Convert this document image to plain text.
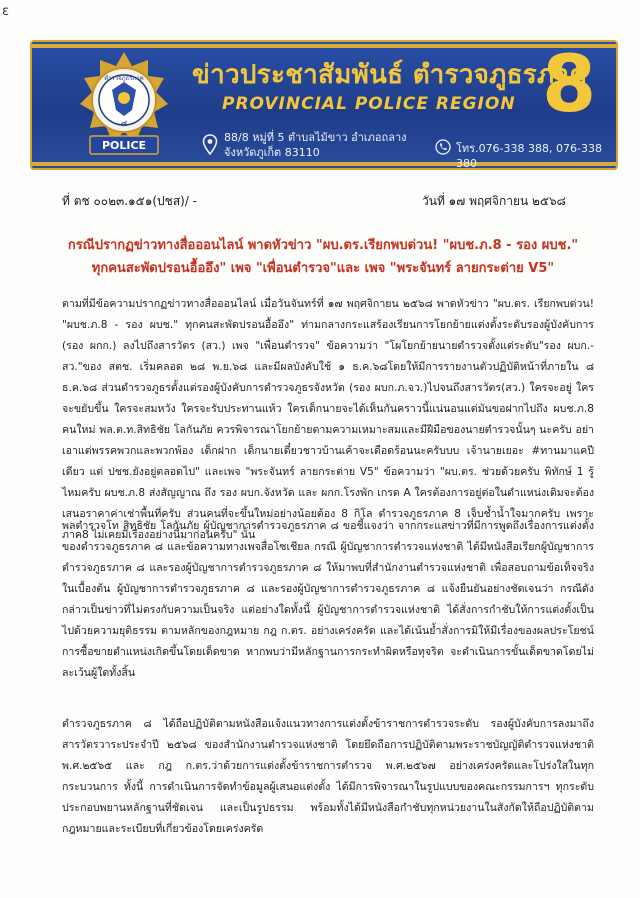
ε
ตำรวจภูธรภาค
๘
POLICE
ข่าวประชาสัมพันธ์ ตำรวจภูธรภาค
PROVINCIAL POLICE REGION 8
88/8 หมู่ที่ 5 ตำบลไม้ขาว อำเภอถลาง
จังหวัดภูเก็ต 83110	โทร.076-338 388, 076-338 380
ที่ ตช ๐๐๒๓.๑๕๑(ปชส)/ -	วันที่ ๑๗ พฤศจิกายน ๒๕๖๘
กรณีปรากฏข่าวทางสื่อออนไลน์ พาดหัวข่าว "ผบ.ตร.เรียกพบด่วน! "ผบช.ภ.8 - รอง ผบช."
ทุกคนสะพัดปรอนอื้ออึง" เพจ "เพื่อนตำรวจ"และ เพจ "พระจันทร์ ลายกระต่าย V5"

ตามที่มีข้อความปรากฏข่าวทางสื่อออนไลน์ เมื่อวันจันทร์ที่ ๑๗ พฤศจิกายน ๒๕๖๘ พาดหัวข่าว "ผบ.ตร. เรียกพบด่วน! "ผบช.ภ.8 - รอง ผบช." ทุกคนสะพัดปรอนอื้ออึง" ท่ามกลางกระแสร้องเรียนการโยกย้ายแต่งตั้งระดับรองผู้บังคับการ (รอง ผกก.) ลงไปถึงสารวัตร (สว.) เพจ "เพื่อนตำรวจ" ข้อความว่า "โผโยกย้ายนายตำรวจตั้งแต่ระดับ"รอง ผบก.-สว."ของ สตช. เริ่มคลอด ๒๘ พ.ย.๖๘ และมีผลบังคับใช้ ๑ ธ.ค.๖๘โดยให้มีการรายงานตัวปฏิบัติหน้าที่ภายใน ๘ ธ.ค.๖๘ ส่วนตำรวจภูธรตั้งแต่รองผู้บังคับการตำรวจภูธรจังหวัด (รอง ผบก.ภ.จว.)ไปจนถึงสารวัตร(สว.) ใครจะอยู่ ใครจะขยับขึ้น ใครจะสมหวัง ใครจะรับประทานแห้ว ใครเด็กนายจะได้เห็นกันคราวนี้แน่นอนแต่มันขอฝากไปถึง ผบช.ภ.8 คนใหม่ พล.ต.ท.สิทธิชัย โลกันภัย ควรพิจารณาโยกย้ายตามความเหมาะสมและมีฝีมือของนายตำรวจนั้นๆ นะครับ อย่าเอาแต่พรรคพวกและพวกพ้อง เด็กฝาก เด็กนายเดี๋ยวชาวบ้านเค้าจะเดือดร้อนนะครับบบ เจ้านายเยอะ #ทานมาแคปีเดียว แต่ ปชช.ยังอยู่ตลอดไป" และเพจ "พระจันทร์ ลายกระต่าย V5" ข้อความว่า "ผบ.ตร. ช่วยด้วยครับ พิทักษ์ 1 รู้ไหมครับ ผบช.ภ.8 ส่งสัญญาณ ถึง รอง ผบก.จังหวัด และ ผกก.โรงพัก เกรด A ใครต้องการอยู่ต่อในตำแหน่งเดิมจะต้องเสนอราคาค่าเช่าพื้นที่ครับ ส่วนคนที่จะขึ้นใหม่อย่างน้อยต้อง 8 กิโล ตำรวจภูธรภาค 8 เจ็บช้ำน้ำใจมากครับ เพราะภาค8 ไม่เคยมีเรื่องอย่างนี้มาก่อนครับ" นั้น

พลตำรวจโท สิทธิชัย โลกันภัย ผู้บัญชาการตำรวจภูธรภาค ๘ ขอชี้แจงว่า จากกระแสข่าวที่มีการพูดถึงเรื่องการแต่งตั้งของตำรวจภูธรภาค ๘ และข้อความทางเพจสื่อโซเชียล กรณี ผู้บัญชาการตำรวจแห่งชาติ ได้มีหนังสือเรียกผู้บัญชาการตำรวจภูธรภาค ๘ และรองผู้บัญชาการตำรวจภูธรภาค ๘ ให้มาพบที่สำนักงานตำรวจแห่งชาติ เพื่อสอบถามข้อเท็จจริงในเบื้องต้น ผู้บัญชาการตำรวจภูธรภาค ๘ และรองผู้บัญชาการตำรวจภูธรภาค ๘ แจ้งยืนยันอย่างชัดเจนว่า กรณีดังกล่าวเป็นข่าวที่ไม่ตรงกับความเป็นจริง แต่อย่างใดทั้งนี้ ผู้บัญชาการตำรวจแห่งชาติ ได้สั่งการกำชับให้การแต่งตั้งเป็นไปด้วยความยุติธรรม ตามหลักของกฎหมาย กฎ ก.ตร. อย่างเคร่งครัด และได้เน้นย้ำสั่งการมิให้มีเรื่องของผลประโยชน์ การซื้อขายตำแหน่งเกิดขึ้นโดยเด็ดขาด หากพบว่ามีหลักฐานการกระทำผิดหรือทุจริต จะดำเนินการขั้นเด็ดขาดโดยไม่ละเว้นผู้ใดทั้งสิ้น

ตำรวจภูธรภาค ๘ ได้ถือปฏิบัติตามหนังสือแจ้งแนวทางการแต่งตั้งข้าราชการตำรวจระดับ รองผู้บังคับการลงมาถึงสารวัตรวาระประจำปี ๒๕๖๘ ของสำนักงานตำรวจแห่งชาติ โดยยึดถือการปฏิบัติตามพระราชบัญญัติตำรวจแห่งชาติ พ.ศ.๒๕๖๕ และ กฎ ก.ตร.ว่าด้วยการแต่งตั้งข้าราชการตำรวจ พ.ศ.๒๕๖๗ อย่างเคร่งครัดและโปร่งใสในทุกกระบวนการ ทั้งนี้ การดำเนินการจัดทำข้อมูลผู้เสนอแต่งตั้ง ได้มีการพิจารณาในรูปแบบของคณะกรรมการฯ ทุกระดับ ประกอบพยานหลักฐานที่ชัดเจน และเป็นรูปธรรม พร้อมทั้งได้มีหนังสือกำชับทุกหน่วยงานในสังกัดให้ถือปฏิบัติตามกฎหมายและระเบียบที่เกี่ยวข้องโดยเคร่งครัด
